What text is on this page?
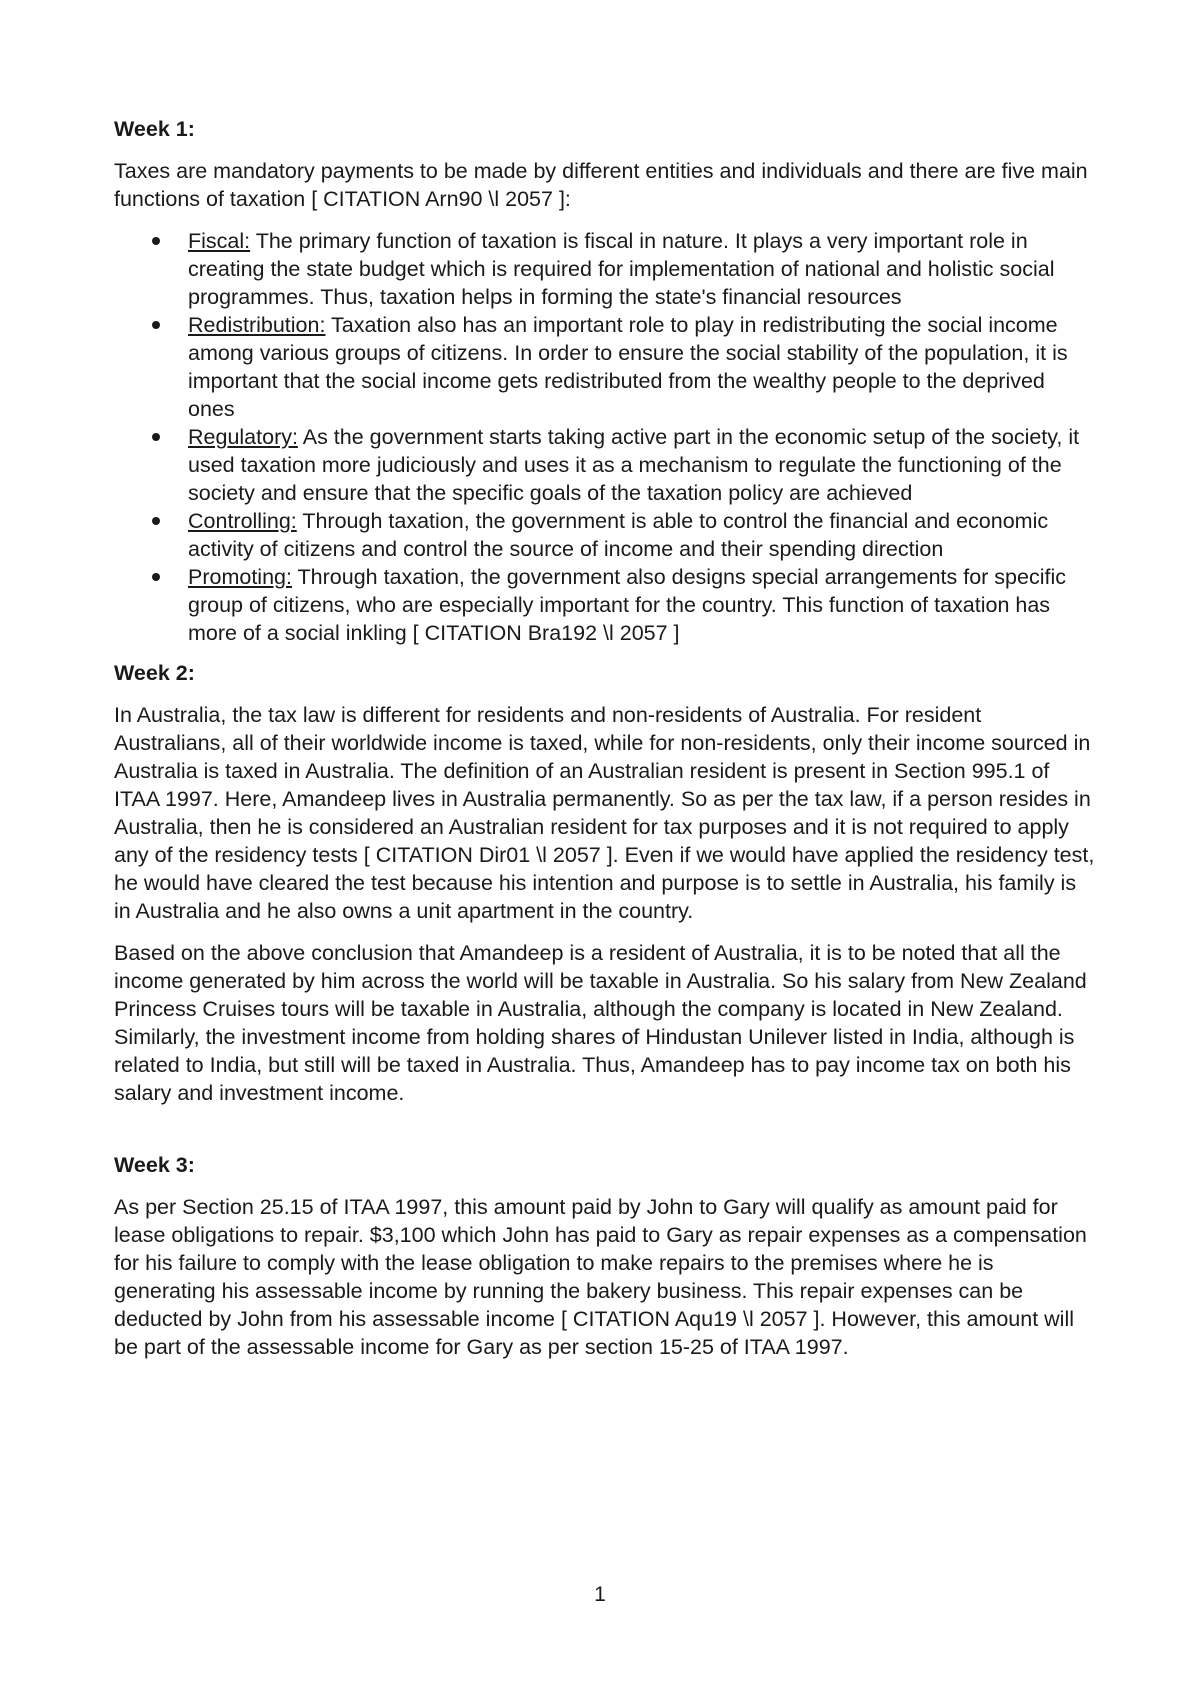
Week 1:

Taxes are mandatory payments to be made by different entities and individuals and there are five main functions of taxation [ CITATION Arn90 \l 2057 ]:

Fiscal: The primary function of taxation is fiscal in nature. It plays a very important role in creating the state budget which is required for implementation of national and holistic social programmes. Thus, taxation helps in forming the state's financial resources
Redistribution: Taxation also has an important role to play in redistributing the social income among various groups of citizens. In order to ensure the social stability of the population, it is important that the social income gets redistributed from the wealthy people to the deprived ones
Regulatory: As the government starts taking active part in the economic setup of the society, it used taxation more judiciously and uses it as a mechanism to regulate the functioning of the society and ensure that the specific goals of the taxation policy are achieved
Controlling: Through taxation, the government is able to control the financial and economic activity of citizens and control the source of income and their spending direction
Promoting: Through taxation, the government also designs special arrangements for specific group of citizens, who are especially important for the country. This function of taxation has more of a social inkling [ CITATION Bra192 \l 2057 ]
Week 2:

In Australia, the tax law is different for residents and non-residents of Australia. For resident Australians, all of their worldwide income is taxed, while for non-residents, only their income sourced in Australia is taxed in Australia. The definition of an Australian resident is present in Section 995.1 of ITAA 1997. Here, Amandeep lives in Australia permanently. So as per the tax law, if a person resides in Australia, then he is considered an Australian resident for tax purposes and it is not required to apply any of the residency tests [ CITATION Dir01 \l 2057 ]. Even if we would have applied the residency test, he would have cleared the test because his intention and purpose is to settle in Australia, his family is in Australia and he also owns a unit apartment in the country.

Based on the above conclusion that Amandeep is a resident of Australia, it is to be noted that all the income generated by him across the world will be taxable in Australia. So his salary from New Zealand Princess Cruises tours will be taxable in Australia, although the company is located in New Zealand. Similarly, the investment income from holding shares of Hindustan Unilever listed in India, although is related to India, but still will be taxed in Australia. Thus, Amandeep has to pay income tax on both his salary and investment income.

Week 3:

As per Section 25.15 of ITAA 1997, this amount paid by John to Gary will qualify as amount paid for lease obligations to repair. $3,100 which John has paid to Gary as repair expenses as a compensation for his failure to comply with the lease obligation to make repairs to the premises where he is generating his assessable income by running the bakery business. This repair expenses can be deducted by John from his assessable income [ CITATION Aqu19 \l 2057 ]. However, this amount will be part of the assessable income for Gary as per section 15-25 of ITAA 1997.

1
